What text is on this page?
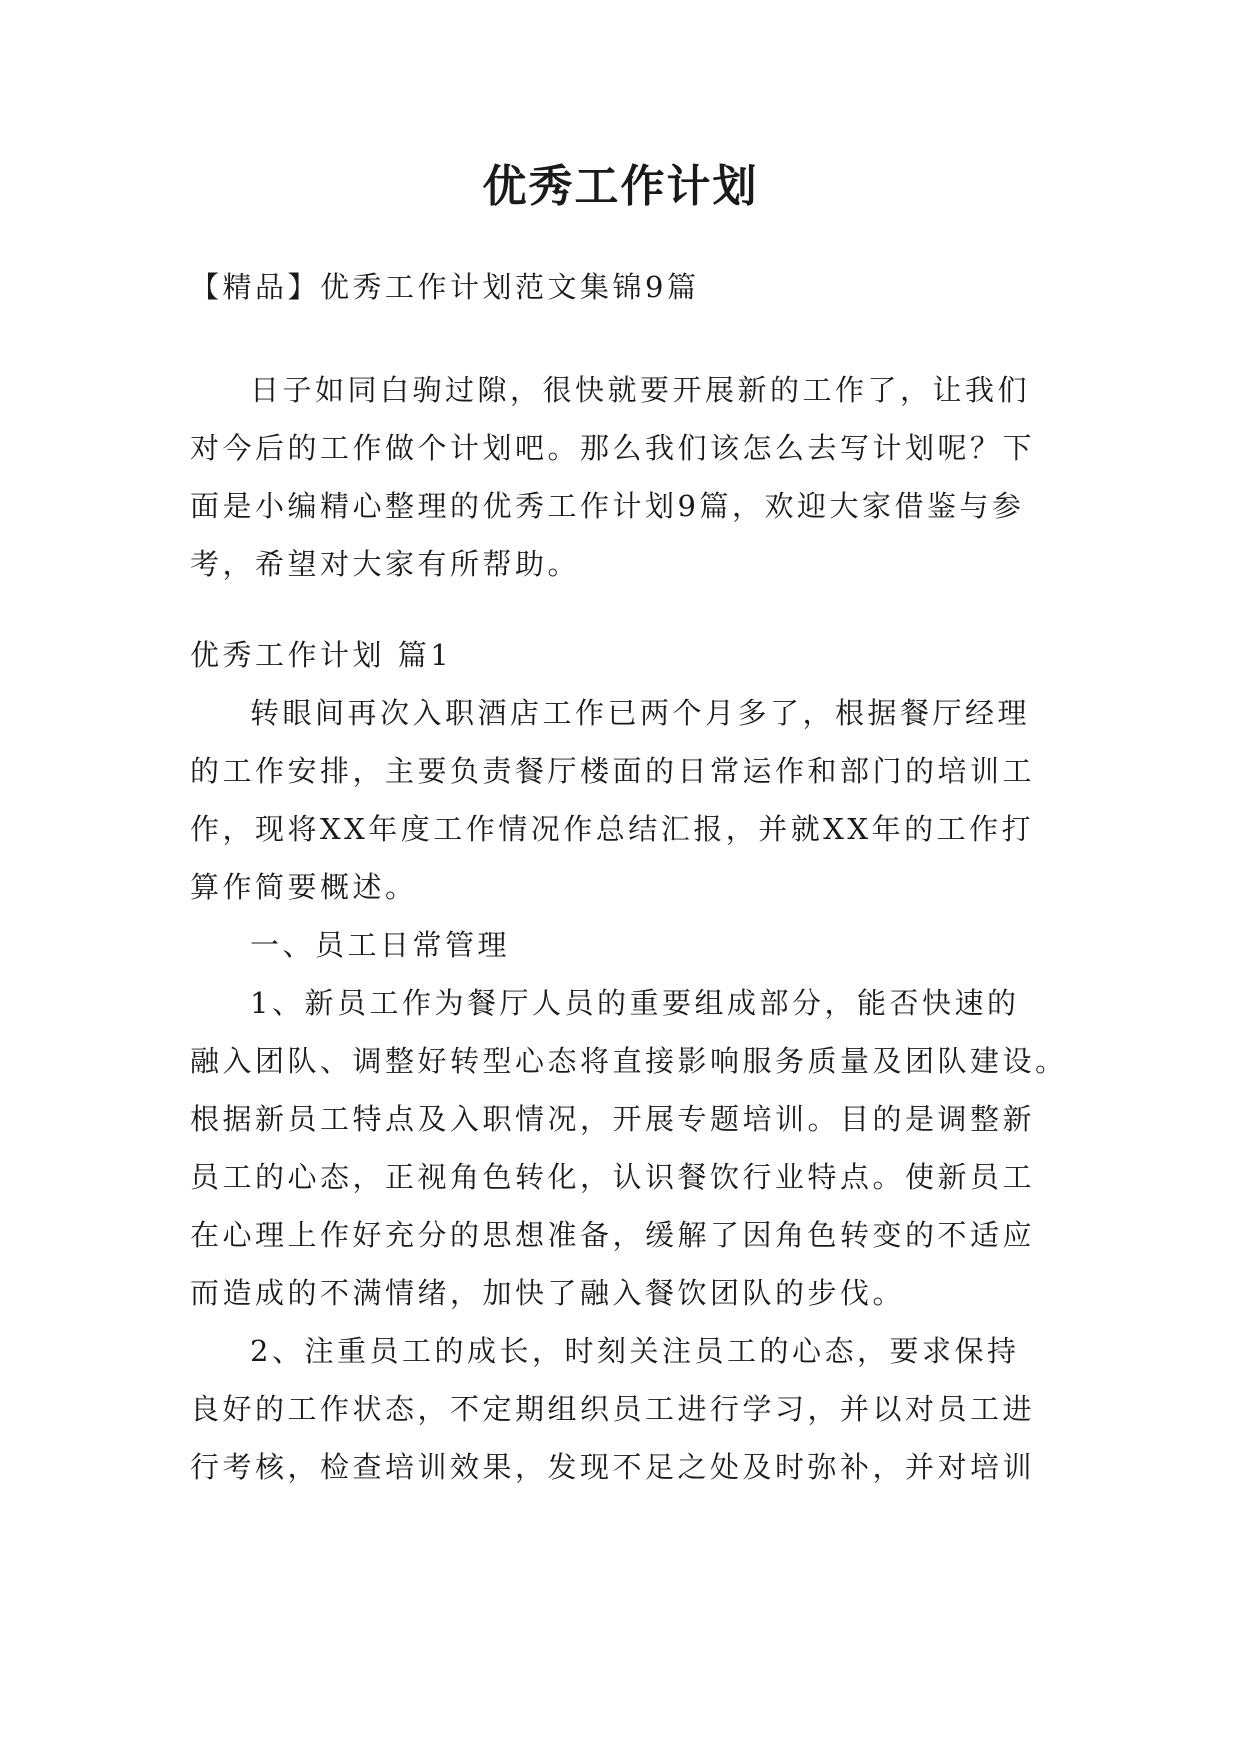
优秀工作计划

【精品】优秀工作计划范文集锦9篇

日子如同白驹过隙，很快就要开展新的工作了，让我们

对今后的工作做个计划吧。那么我们该怎么去写计划呢？下

面是小编精心整理的优秀工作计划9篇，欢迎大家借鉴与参

考，希望对大家有所帮助。

优秀工作计划 篇1

转眼间再次入职酒店工作已两个月多了，根据餐厅经理

的工作安排，主要负责餐厅楼面的日常运作和部门的培训工

作，现将XX年度工作情况作总结汇报，并就XX年的工作打

算作简要概述。

一、员工日常管理

1、新员工作为餐厅人员的重要组成部分，能否快速的

融入团队、调整好转型心态将直接影响服务质量及团队建设。

根据新员工特点及入职情况，开展专题培训。目的是调整新

员工的心态，正视角色转化，认识餐饮行业特点。使新员工

在心理上作好充分的思想准备，缓解了因角色转变的不适应

而造成的不满情绪，加快了融入餐饮团队的步伐。

2、注重员工的成长，时刻关注员工的心态，要求保持

良好的工作状态，不定期组织员工进行学习，并以对员工进

行考核，检查培训效果，发现不足之处及时弥补，并对培训
